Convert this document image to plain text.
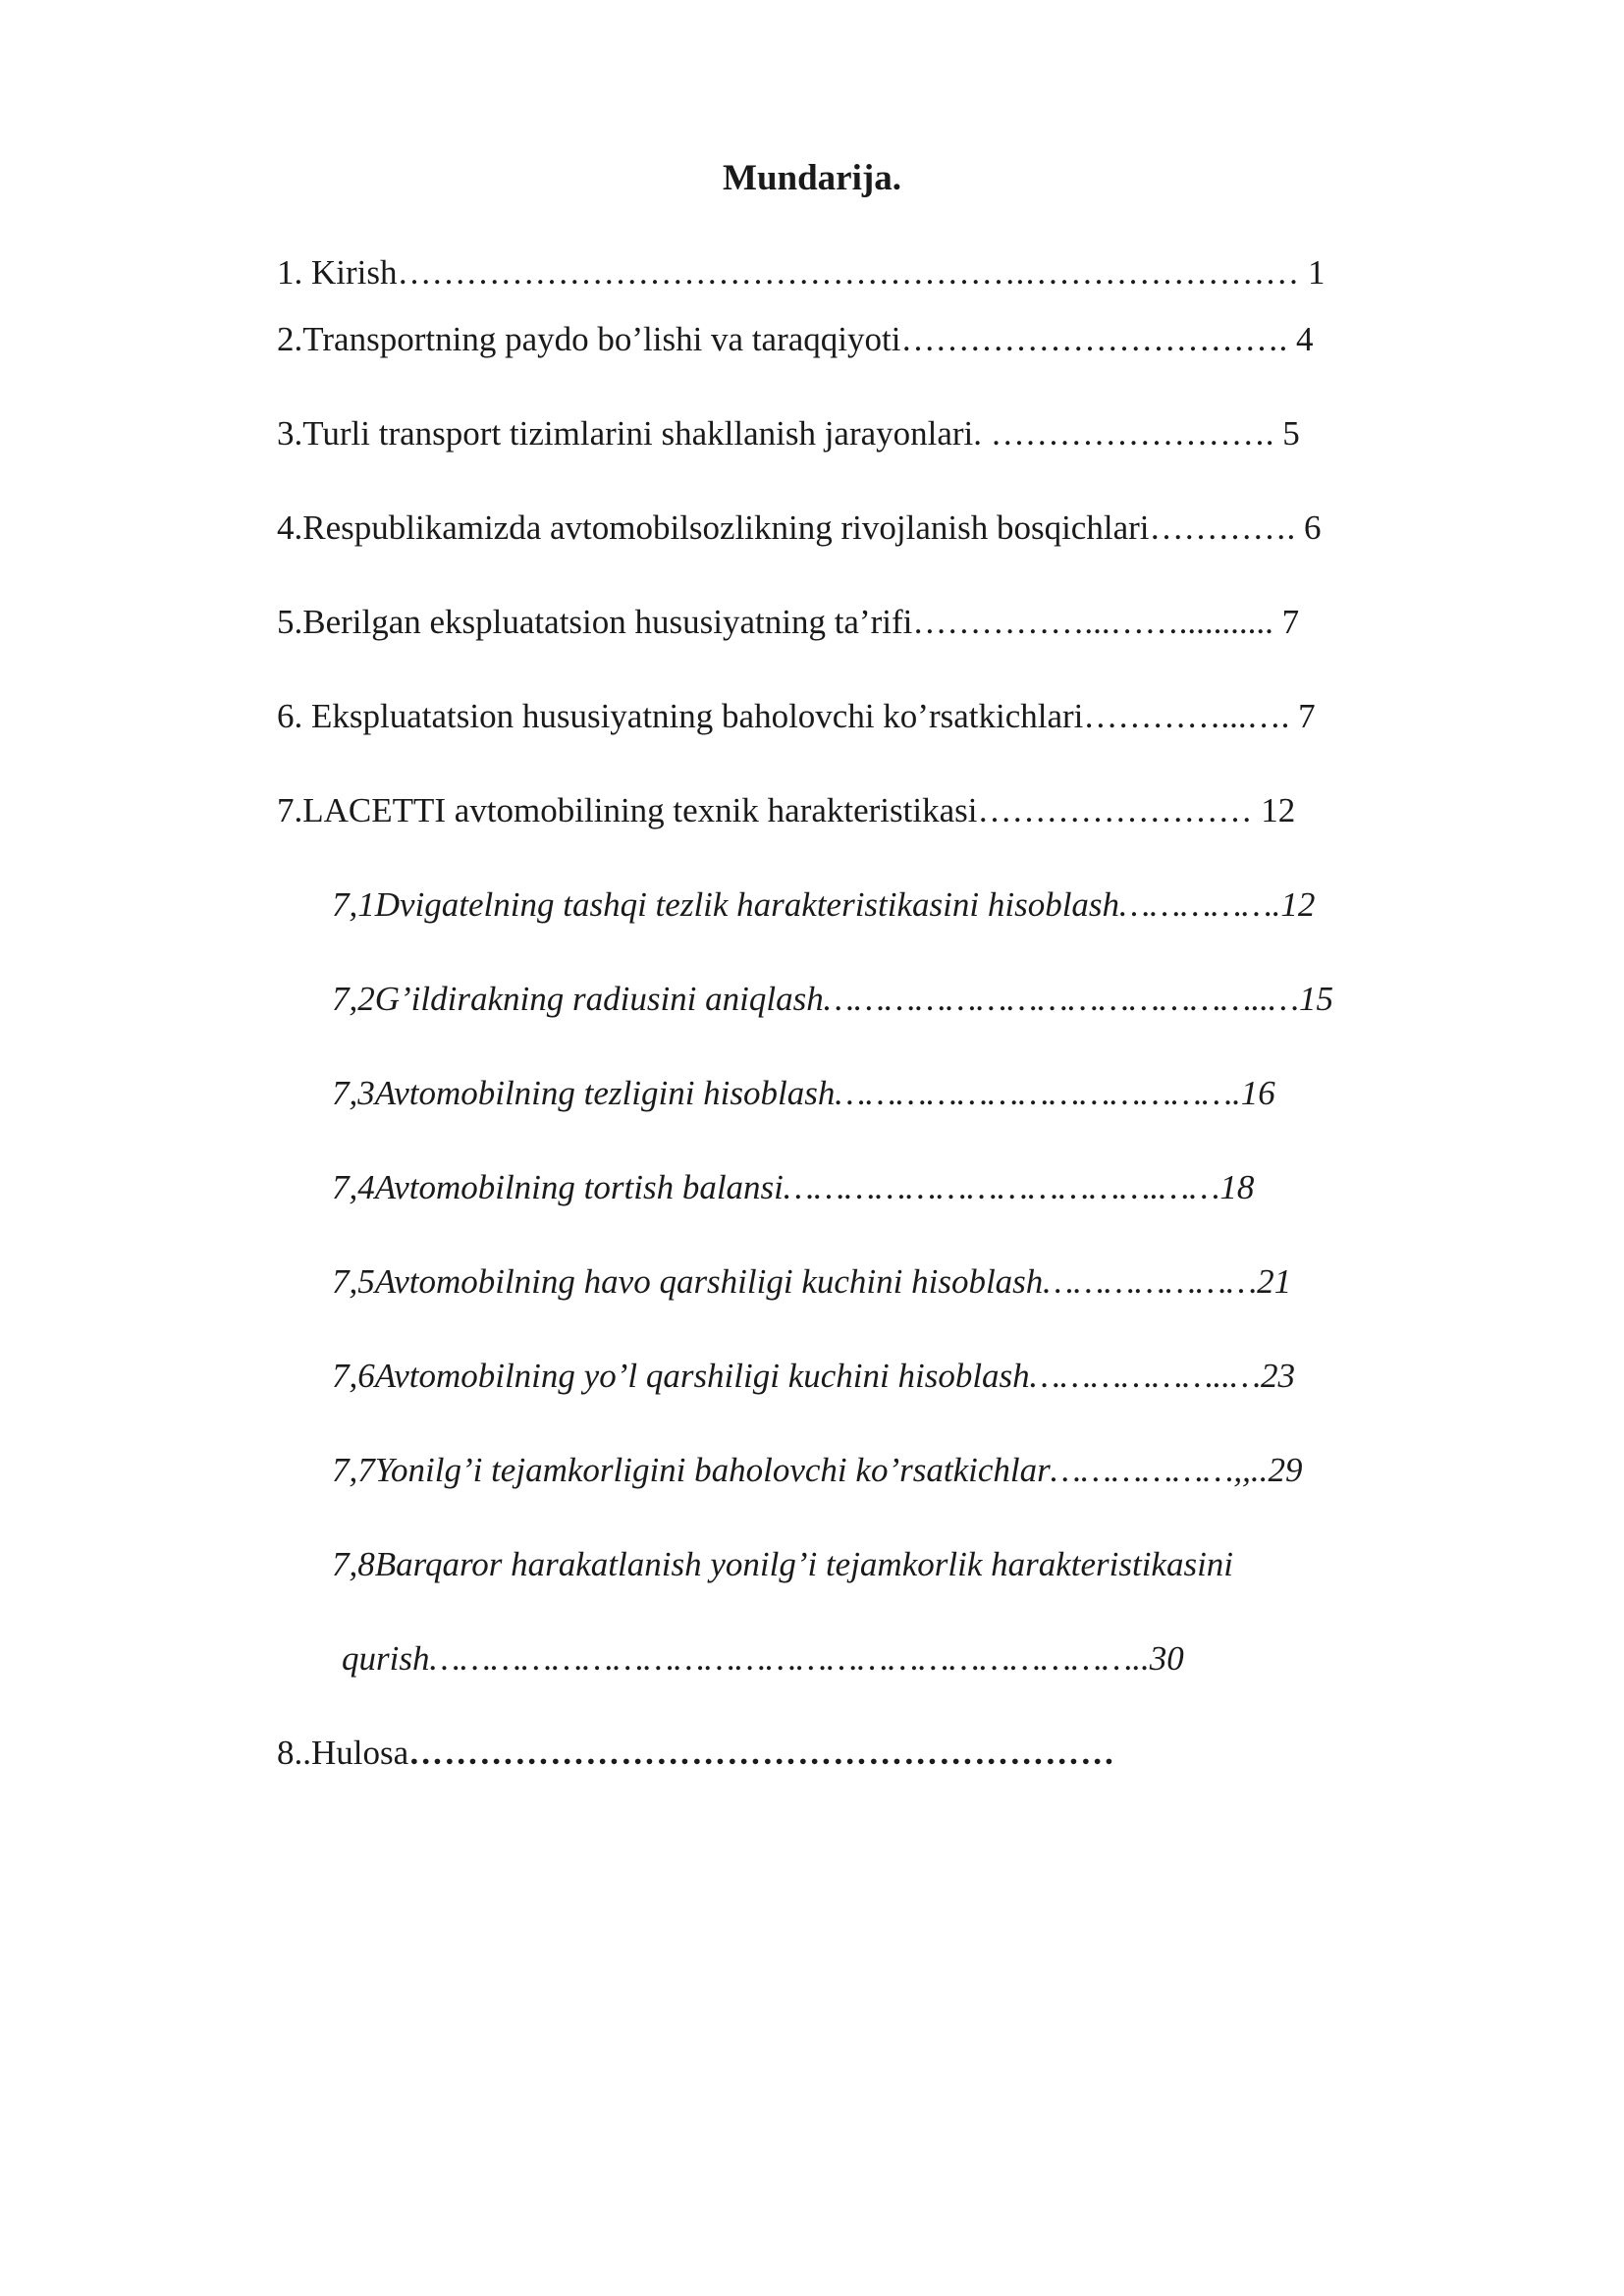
Mundarija.
1. Kirish……………………………………………….…………………… 1
2.Transportning paydo bo’lishi va taraqqiyoti……………………………. 4
3.Turli transport tizimlarini shakllanish jarayonlari. ……………………. 5
4.Respublikamizda avtomobilsozlikning rivojlanish bosqichlari…………. 6
5.Berilgan ekspluatatsion hususiyatning ta’rifi……………...……........... 7
6. Ekspluatatsion hususiyatning baholovchi ko’rsatkichlari…………...…. 7
7.LACETTI avtomobilining texnik harakteristikasi…………………… 12
7,1Dvigatelning tashqi tezlik harakteristikasini hisoblash…………….12
7,2G’ildirakning radiusini aniqlash……………………………………..…15
7,3Avtomobilning tezligini hisoblash………………………………….16
7,4Avtomobilning tortish balansi……………………………….……18
7,5Avtomobilning havo qarshiligi kuchini hisoblash…………………21
7,6Avtomobilning yo’l qarshiligi kuchini hisoblash………………..…23
7,7Yonilg’i tejamkorligini baholovchi ko’rsatkichlar………………,,..29
7,8Barqaror harakatlanish yonilg’i tejamkorlik harakteristikasini
qurish……………………………………………………………..30
8..Hulosa……………………………………………………
